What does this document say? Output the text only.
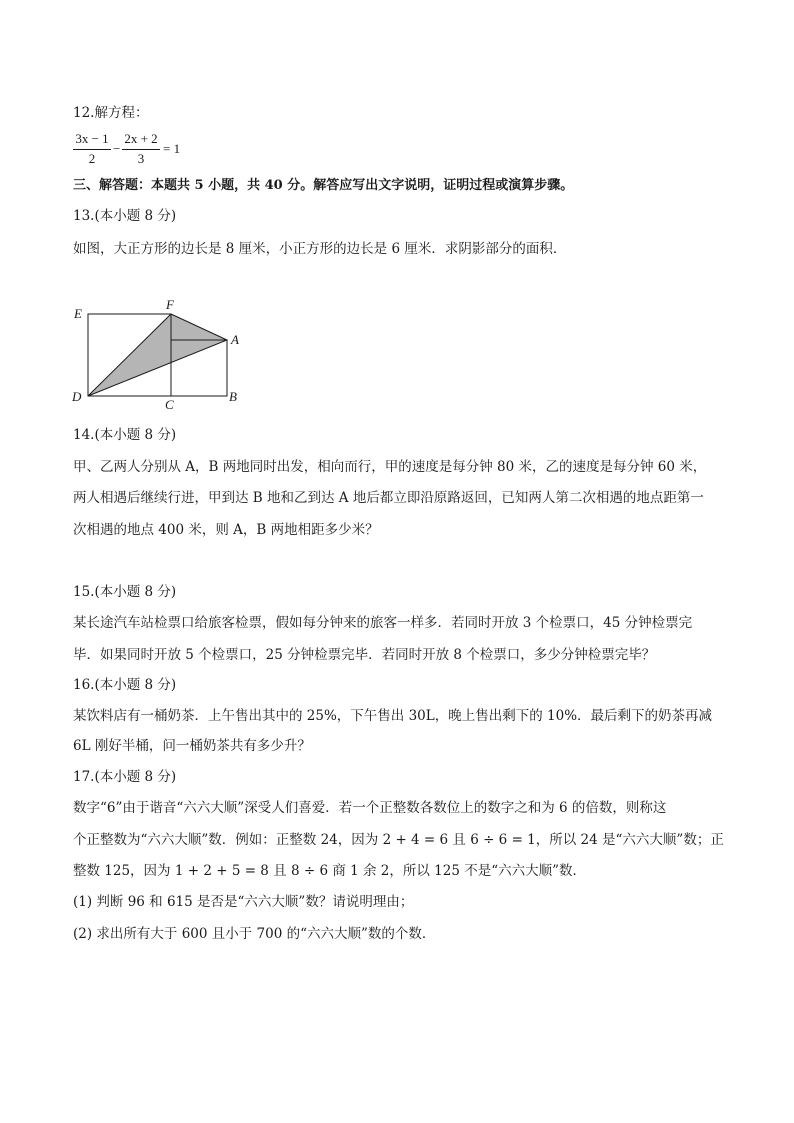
12.解方程：
3x − 1
2
−
2x + 2
3
= 1
三、解答题：本题共 5 小题，共 40 分。解答应写出文字说明，证明过程或演算步骤。
13.(本小题 8 分)
如图，大正方形的边长是 8 厘米，小正方形的边长是 6 厘米．求阴影部分的面积．
E
F
A
D
C
B
14.(本小题 8 分)
甲、乙两人分别从 A，B 两地同时出发，相向而行，甲的速度是每分钟 80 米，乙的速度是每分钟 60 米，
两人相遇后继续行进，甲到达 B 地和乙到达 A 地后都立即沿原路返回，已知两人第二次相遇的地点距第一
次相遇的地点 400 米，则 A，B 两地相距多少米？
15.(本小题 8 分)
某长途汽车站检票口给旅客检票，假如每分钟来的旅客一样多．若同时开放 3 个检票口，45 分钟检票完
毕．如果同时开放 5 个检票口，25 分钟检票完毕．若同时开放 8 个检票口，多少分钟检票完毕？
16.(本小题 8 分)
某饮料店有一桶奶茶．上午售出其中的 25%，下午售出 30L，晚上售出剩下的 10%．最后剩下的奶茶再减
6L 刚好半桶，问一桶奶茶共有多少升？
17.(本小题 8 分)
数字“6”由于谐音“六六大顺”深受人们喜爱．若一个正整数各数位上的数字之和为 6 的倍数，则称这
个正整数为“六六大顺”数．例如：正整数 24，因为 2 + 4 = 6 且 6 ÷ 6 = 1，所以 24 是“六六大顺”数；正
整数 125，因为 1 + 2 + 5 = 8 且 8 ÷ 6 商 1 余 2，所以 125 不是“六六大顺”数．
(1) 判断 96 和 615 是否是“六六大顺”数？请说明理由；
(2) 求出所有大于 600 且小于 700 的“六六大顺”数的个数．
